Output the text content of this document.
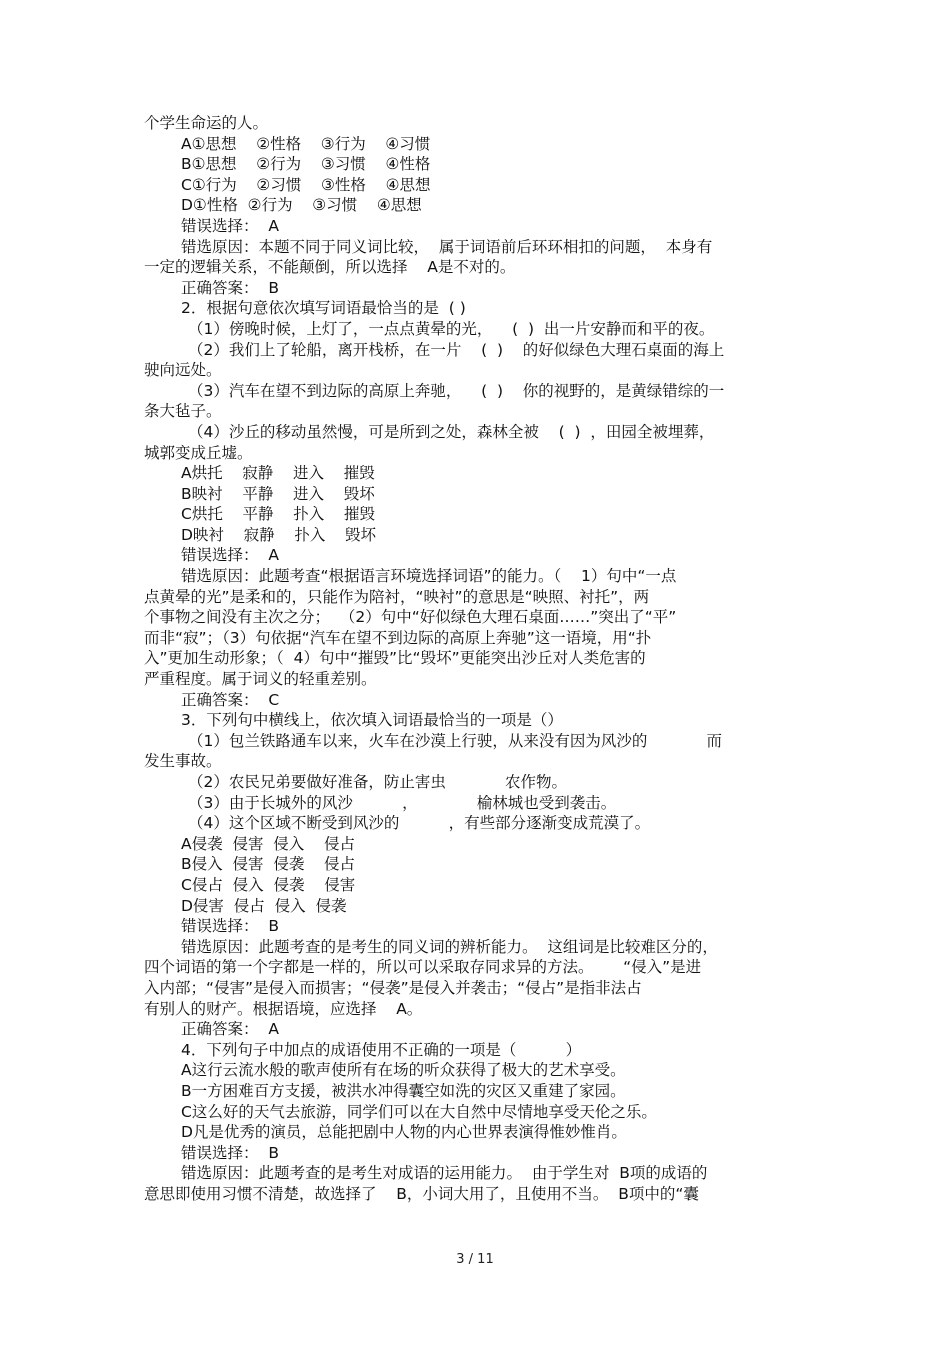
个学生命运的人。
A①思想    ②性格    ③行为    ④习惯
B①思想    ②行为    ③习惯    ④性格
C①行为    ②习惯    ③性格    ④思想
D①性格  ②行为    ③习惯    ④思想
错误选择：  A
错选原因：本题不同于同义词比较，  属于词语前后环环相扣的问题，  本身有
一定的逻辑关系，不能颠倒，所以选择    A是不对的。
正确答案：  B
2．根据句意依次填写词语最恰当的是  ( )
（1）傍晚时候，上灯了，一点点黄晕的光，    (  )  出一片安静而和平的夜。
（2）我们上了轮船，离开栈桥，在一片    (  )    的好似绿色大理石桌面的海上
驶向远处。
（3）汽车在望不到边际的高原上奔驰，    (  )    你的视野的，是黄绿错综的一
条大毡子。
（4）沙丘的移动虽然慢，可是所到之处，森林全被    (  )  ，田园全被埋葬，
城郭变成丘墟。
A烘托    寂静    进入    摧毁
B映衬    平静    进入    毁坏
C烘托    平静    扑入    摧毁
D映衬    寂静    扑入    毁坏
错误选择：  A
错选原因：此题考查“根据语言环境选择词语”的能力。（    1）句中“一点
点黄晕的光”是柔和的，只能作为陪衬，“映衬”的意思是“映照、衬托”，两
个事物之间没有主次之分；  （2）句中“好似绿色大理石桌面……”突出了“平”
而非“寂”；（3）句依据“汽车在望不到边际的高原上奔驰”这一语境，用“扑
入”更加生动形象；（  4）句中“摧毁”比“毁坏”更能突出沙丘对人类危害的
严重程度。属于词义的轻重差别。
正确答案：  C
3．下列句中横线上，依次填入词语最恰当的一项是（）
（1）包兰铁路通车以来，火车在沙漠上行驶，从来没有因为风沙的            而
发生事故。
（2）农民兄弟要做好准备，防止害虫            农作物。
（3）由于长城外的风沙          ，            榆林城也受到袭击。
（4）这个区域不断受到风沙的          ，有些部分逐渐变成荒漠了。
A侵袭  侵害  侵入    侵占
B侵入  侵害  侵袭    侵占
C侵占  侵入  侵袭    侵害
D侵害  侵占  侵入  侵袭
错误选择：  B
错选原因：此题考查的是考生的同义词的辨析能力。  这组词是比较难区分的，
四个词语的第一个字都是一样的，所以可以采取存同求异的方法。      “侵入”是进
入内部；“侵害”是侵入而损害；“侵袭”是侵入并袭击；“侵占”是指非法占
有别人的财产。根据语境，应选择    A。
正确答案：  A
4．下列句子中加点的成语使用不正确的一项是（          ）
A这行云流水般的歌声使所有在场的听众获得了极大的艺术享受。
B一方困难百方支援，被洪水冲得囊空如洗的灾区又重建了家园。
C这么好的天气去旅游，同学们可以在大自然中尽情地享受天伦之乐。
D凡是优秀的演员，总能把剧中人物的内心世界表演得惟妙惟肖。
错误选择：  B
错选原因：此题考查的是考生对成语的运用能力。  由于学生对  B项的成语的
意思即使用习惯不清楚，故选择了    B，小词大用了，且使用不当。  B项中的“囊
3 / 11
